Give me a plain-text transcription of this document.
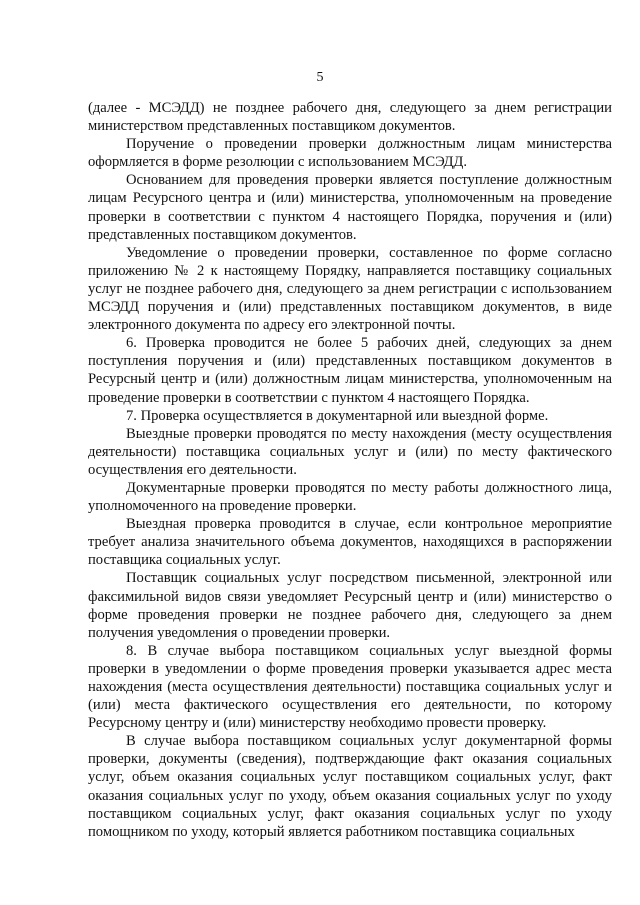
5

(далее - МСЭДД) не позднее рабочего дня, следующего за днем регистрации министерством представленных поставщиком документов.

Поручение о проведении проверки должностным лицам министерства оформляется в форме резолюции с использованием МСЭДД.

Основанием для проведения проверки является поступление должностным лицам Ресурсного центра и (или) министерства, уполномоченным на проведение проверки в соответствии с пунктом 4 настоящего Порядка, поручения и (или) представленных поставщиком документов.

Уведомление о проведении проверки, составленное по форме согласно приложению № 2 к настоящему Порядку, направляется поставщику социальных услуг не позднее рабочего дня, следующего за днем регистрации с использованием МСЭДД поручения и (или) представленных поставщиком документов, в виде электронного документа по адресу его электронной почты.

6. Проверка проводится не более 5 рабочих дней, следующих за днем поступления поручения и (или) представленных поставщиком документов в Ресурсный центр и (или) должностным лицам министерства, уполномоченным на проведение проверки в соответствии с пунктом 4 настоящего Порядка.

7. Проверка осуществляется в документарной или выездной форме.

Выездные проверки проводятся по месту нахождения (месту осуществления деятельности) поставщика социальных услуг и (или) по месту фактического осуществления его деятельности.

Документарные проверки проводятся по месту работы должностного лица, уполномоченного на проведение проверки.

Выездная проверка проводится в случае, если контрольное мероприятие требует анализа значительного объема документов, находящихся в распоряжении поставщика социальных услуг.

Поставщик социальных услуг посредством письменной, электронной или факсимильной видов связи уведомляет Ресурсный центр и (или) министерство о форме проведения проверки не позднее рабочего дня, следующего за днем получения уведомления о проведении проверки.

8. В случае выбора поставщиком социальных услуг выездной формы проверки в уведомлении о форме проведения проверки указывается адрес места нахождения (места осуществления деятельности) поставщика социальных услуг и (или) места фактического осуществления его деятельности, по которому Ресурсному центру и (или) министерству необходимо провести проверку.

В случае выбора поставщиком социальных услуг документарной формы проверки, документы (сведения), подтверждающие факт оказания социальных услуг, объем оказания социальных услуг поставщиком социальных услуг, факт оказания социальных услуг по уходу, объем оказания социальных услуг по уходу поставщиком социальных услуг, факт оказания социальных услуг по уходу помощником по уходу, который является работником поставщика социальных
